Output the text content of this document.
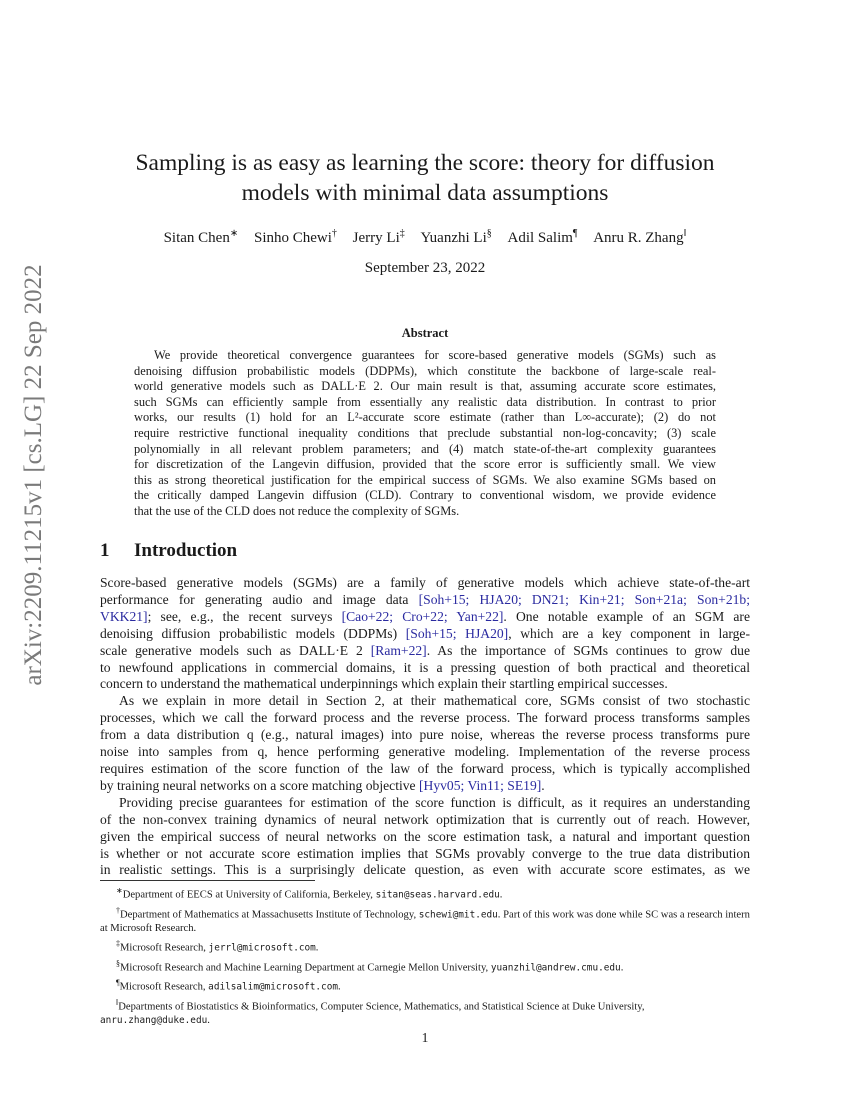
arXiv:2209.11215v1 [cs.LG] 22 Sep 2022
Sampling is as easy as learning the score: theory for diffusion
models with minimal data assumptions
Sitan Chen∗ Sinho Chewi† Jerry Li‡ Yuanzhi Li§ Adil Salim¶ Anru R. Zhang‖
September 23, 2022
Abstract
We provide theoretical convergence guarantees for score-based generative models (SGMs) such as
denoising diffusion probabilistic models (DDPMs), which constitute the backbone of large-scale real-
world generative models such as DALL·E 2. Our main result is that, assuming accurate score estimates,
such SGMs can efficiently sample from essentially any realistic data distribution. In contrast to prior
works, our results (1) hold for an L²-accurate score estimate (rather than L∞-accurate); (2) do not
require restrictive functional inequality conditions that preclude substantial non-log-concavity; (3) scale
polynomially in all relevant problem parameters; and (4) match state-of-the-art complexity guarantees
for discretization of the Langevin diffusion, provided that the score error is sufficiently small. We view
this as strong theoretical justification for the empirical success of SGMs. We also examine SGMs based on
the critically damped Langevin diffusion (CLD). Contrary to conventional wisdom, we provide evidence
that the use of the CLD does not reduce the complexity of SGMs.
1 Introduction
Score-based generative models (SGMs) are a family of generative models which achieve state-of-the-art
performance for generating audio and image data [Soh+15; HJA20; DN21; Kin+21; Son+21a; Son+21b;
VKK21]; see, e.g., the recent surveys [Cao+22; Cro+22; Yan+22]. One notable example of an SGM are
denoising diffusion probabilistic models (DDPMs) [Soh+15; HJA20], which are a key component in large-
scale generative models such as DALL·E 2 [Ram+22]. As the importance of SGMs continues to grow due
to newfound applications in commercial domains, it is a pressing question of both practical and theoretical
concern to understand the mathematical underpinnings which explain their startling empirical successes.
As we explain in more detail in Section 2, at their mathematical core, SGMs consist of two stochastic
processes, which we call the forward process and the reverse process. The forward process transforms samples
from a data distribution q (e.g., natural images) into pure noise, whereas the reverse process transforms pure
noise into samples from q, hence performing generative modeling. Implementation of the reverse process
requires estimation of the score function of the law of the forward process, which is typically accomplished
by training neural networks on a score matching objective [Hyv05; Vin11; SE19].
Providing precise guarantees for estimation of the score function is difficult, as it requires an understanding
of the non-convex training dynamics of neural network optimization that is currently out of reach. However,
given the empirical success of neural networks on the score estimation task, a natural and important question
is whether or not accurate score estimation implies that SGMs provably converge to the true data distribution
in realistic settings. This is a surprisingly delicate question, as even with accurate score estimates, as we

∗Department of EECS at University of California, Berkeley, sitan@seas.harvard.edu.

†Department of Mathematics at Massachusetts Institute of Technology, schewi@mit.edu. Part of this work was done while SC was a research intern at Microsoft Research.

‡Microsoft Research, jerrl@microsoft.com.

§Microsoft Research and Machine Learning Department at Carnegie Mellon University, yuanzhil@andrew.cmu.edu.

¶Microsoft Research, adilsalim@microsoft.com.

‖Departments of Biostatistics & Bioinformatics, Computer Science, Mathematics, and Statistical Science at Duke University, anru.zhang@duke.edu.

1
